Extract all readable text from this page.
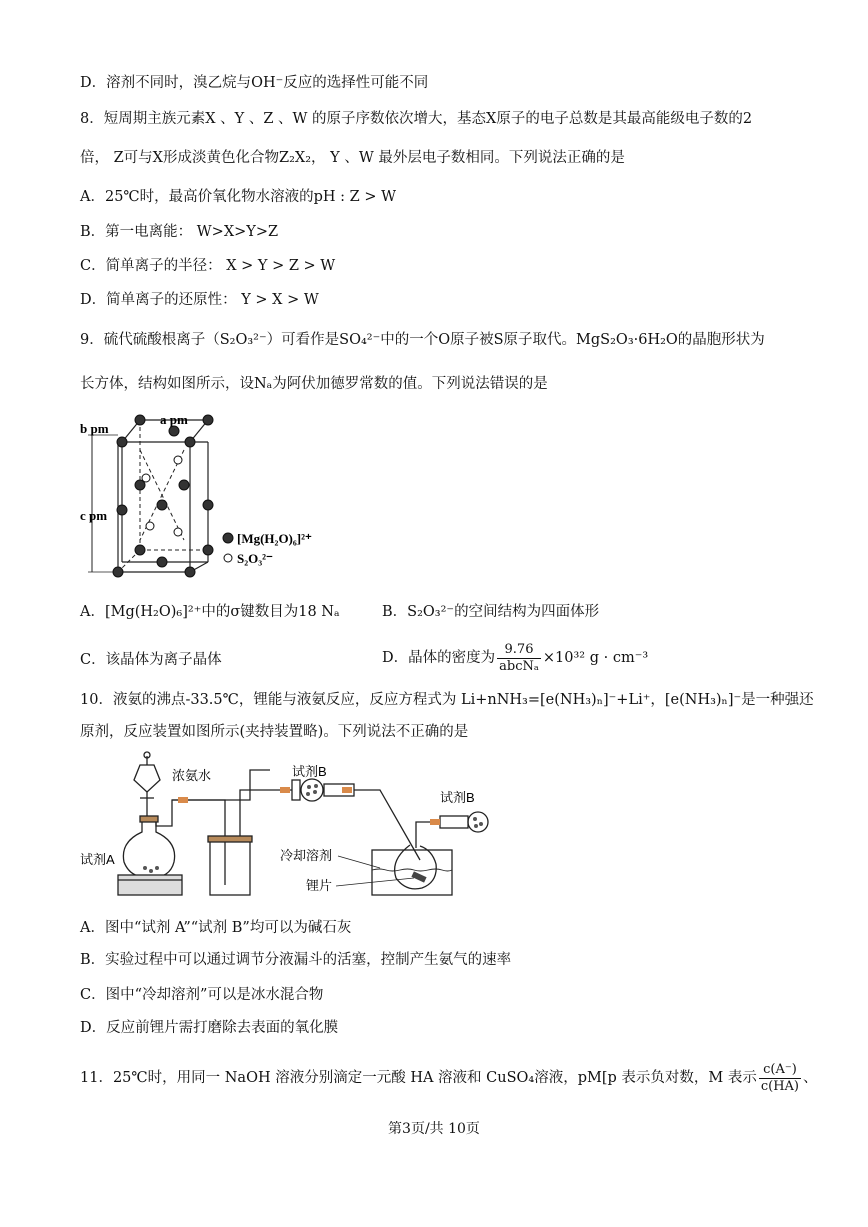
D．溶剂不同时，溴乙烷与OH⁻反应的选择性可能不同
8．短周期主族元素X 、Y 、Z 、W 的原子序数依次增大，基态X原子的电子总数是其最高能级电子数的2
倍， Z可与X形成淡黄色化合物Z₂X₂， Y 、W 最外层电子数相同。下列说法正确的是
A．25℃时，最高价氧化物水溶液的pH : Z > W
B．第一电离能： W>X>Y>Z
C．简单离子的半径： X > Y > Z > W
D．简单离子的还原性： Y > X > W
9．硫代硫酸根离子（S₂O₃²⁻）可看作是SO₄²⁻中的一个O原子被S原子取代。MgS₂O₃·6H₂O的晶胞形状为
长方体，结构如图所示，设Nₐ为阿伏加德罗常数的值。下列说法错误的是
a pm
b pm
c pm
[Mg(H₂O)₆]²⁺
S₂O₃²⁻
A．[Mg(H₂O)₆]²⁺中的σ键数目为18 Nₐ	B．S₂O₃²⁻的空间结构为四面体形
C．该晶体为离子晶体	D．晶体的密度为 $\frac{9.76}{\text{abcNₐ}} \times 10^{32}$ g · cm⁻³
10．液氨的沸点-33.5℃，锂能与液氨反应，反应方程式为 Li+nNH₃=[e(NH₃)ₙ]⁻+Li⁺，[e(NH₃)ₙ]⁻是一种强还
原剂，反应装置如图所示(夹持装置略)。下列说法不正确的是
浓氨水	试剂B
试剂B
试剂A	冷却溶剂
锂片
A．图中“试剂 A”“试剂 B”均可以为碱石灰
B．实验过程中可以通过调节分液漏斗的活塞，控制产生氨气的速率
C．图中“冷却溶剂”可以是冰水混合物
D．反应前锂片需打磨除去表面的氧化膜
11．25℃时，用同一 NaOH 溶液分别滴定一元酸 HA 溶液和 CuSO₄溶液，pM[p 表示负对数，M 表示 $\frac{c(A^-)}{c(HA)}$ 、
第3页/共 10页
